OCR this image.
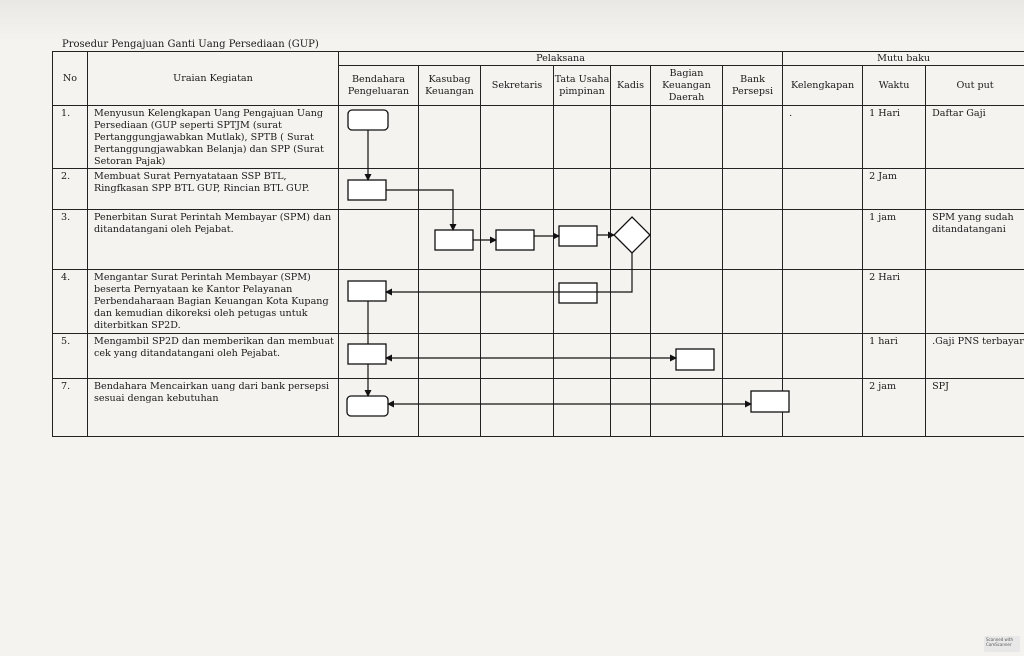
Prosedur Pengajuan Ganti Uang Persediaan (GUP)
No	Uraian Kegiatan	Pelaksana							Mutu baku		
		Bendahara Pengeluaran	Kasubag Keuangan	Sekretaris	Tata Usaha pimpinan	Kadis	Bagian Keuangan Daerah	Bank Persepsi	Kelengkapan	Waktu	Out put
1.	Menyusun Kelengkapan Uang Pengajuan Uang Persediaan (GUP seperti SPTJM (surat Pertanggungjawabkan Mutlak), SPTB ( Surat Pertanggungjawabkan Belanja) dan SPP (Surat Setoran Pajak)								.	1 Hari	Daftar Gaji
2.	Membuat Surat Pernyatataan SSP BTL, Ringfkasan SPP BTL GUP, Rincian BTL GUP.									2 Jam	
3.	Penerbitan Surat Perintah Membayar (SPM) dan ditandatangani oleh Pejabat.									1 jam	SPM yang sudah ditandatangani
4.	Mengantar Surat Perintah Membayar (SPM) beserta Pernyataan ke Kantor Pelayanan Perbendaharaan Bagian Keuangan Kota Kupang dan kemudian dikoreksi oleh petugas untuk diterbitkan SP2D.									2 Hari	
5.	Mengambil SP2D dan memberikan dan membuat cek yang ditandatangani oleh Pejabat.									1 hari	.Gaji PNS terbayar
7.	Bendahara Mencairkan uang dari bank persepsi sesuai dengan kebutuhan									2 jam	SPJ
Scanned with CamScanner
